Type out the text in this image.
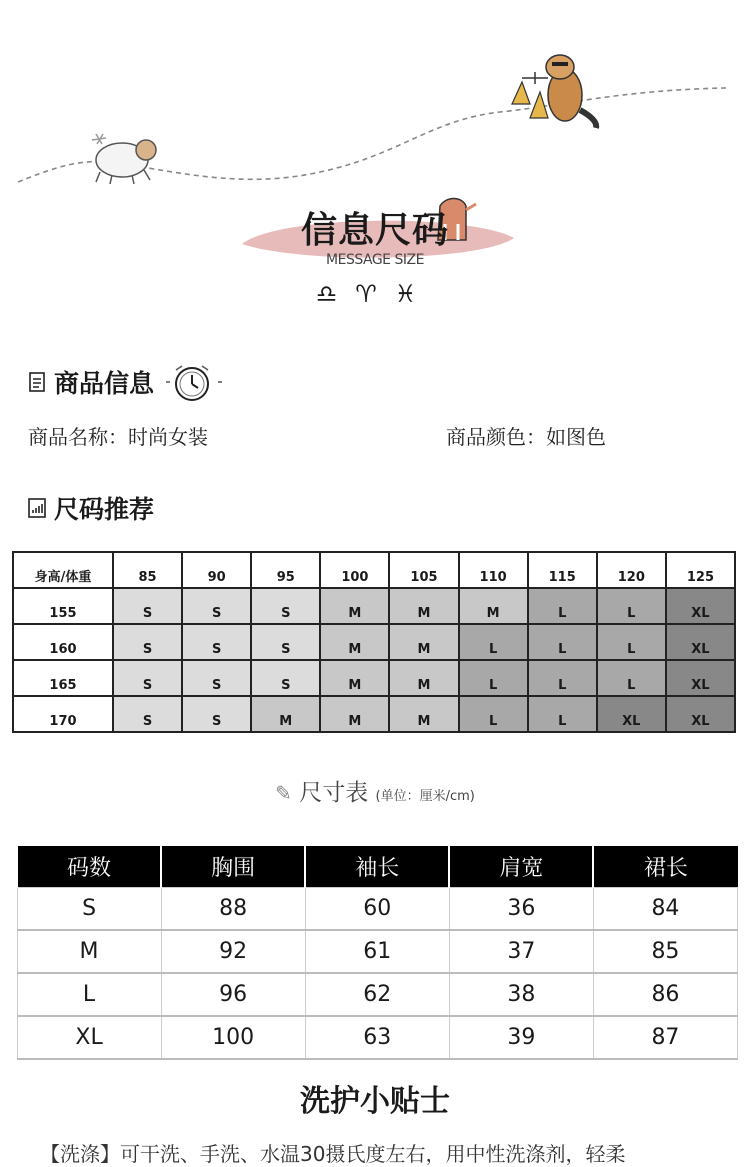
信息尺码
MESSAGE SIZE
♎♈♓
商品信息
商品名称：时尚女装	商品颜色：如图色
尺码推荐
身高/体重	85	90	95	100	105	110	115	120	125
155	S	S	S	M	M	M	L	L	XL
160	S	S	S	M	M	L	L	L	XL
165	S	S	S	M	M	L	L	L	XL
170	S	S	M	M	M	L	L	XL	XL
✎ 尺寸表 (单位：厘米/cm)
码数	胸围	袖长	肩宽	裙长
S	88	60	36	84
M	92	61	37	85
L	96	62	38	86
XL	100	63	39	87
洗护小贴士
【洗涤】可干洗、手洗、水温30摄氏度左右，用中性洗涤剂，轻柔
